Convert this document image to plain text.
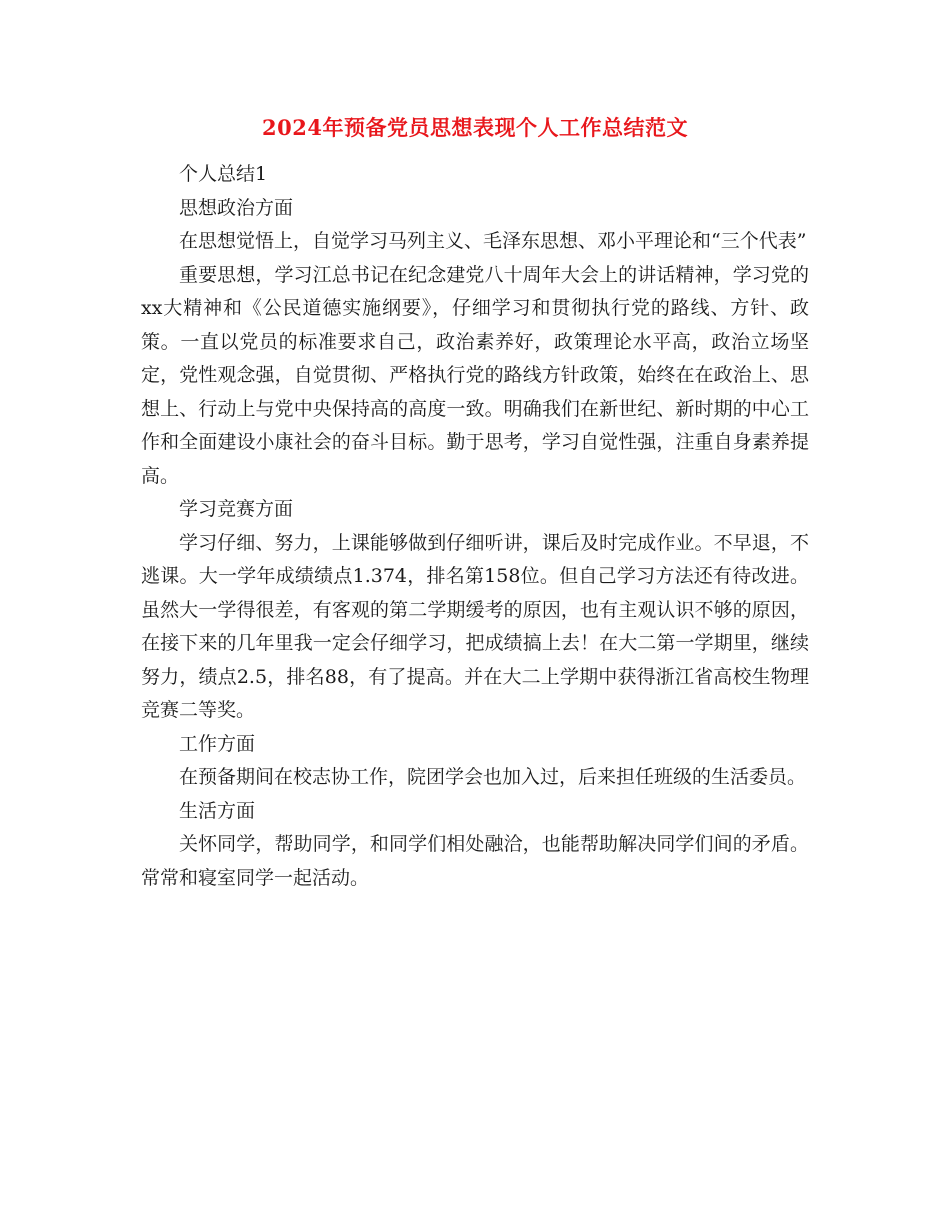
2024年预备党员思想表现个人工作总结范文

个人总结1

思想政治方面

在思想觉悟上，自觉学习马列主义、毛泽东思想、邓小平理论和“三个代表”

重要思想，学习江总书记在纪念建党八十周年大会上的讲话精神，学习党的xx大精神和《公民道德实施纲要》，仔细学习和贯彻执行党的路线、方针、政策。一直以党员的标准要求自己，政治素养好，政策理论水平高，政治立场坚定，党性观念强，自觉贯彻、严格执行党的路线方针政策，始终在在政治上、思想上、行动上与党中央保持高的高度一致。明确我们在新世纪、新时期的中心工作和全面建设小康社会的奋斗目标。勤于思考，学习自觉性强，注重自身素养提高。

学习竞赛方面

学习仔细、努力，上课能够做到仔细听讲，课后及时完成作业。不早退，不逃课。大一学年成绩绩点1.374，排名第158位。但自己学习方法还有待改进。虽然大一学得很差，有客观的第二学期缓考的原因，也有主观认识不够的原因，在接下来的几年里我一定会仔细学习，把成绩搞上去！在大二第一学期里，继续努力，绩点2.5，排名88，有了提高。并在大二上学期中获得浙江省高校生物理竞赛二等奖。

工作方面

在预备期间在校志协工作，院团学会也加入过，后来担任班级的生活委员。

生活方面

关怀同学，帮助同学，和同学们相处融洽，也能帮助解决同学们间的矛盾。常常和寝室同学一起活动。
